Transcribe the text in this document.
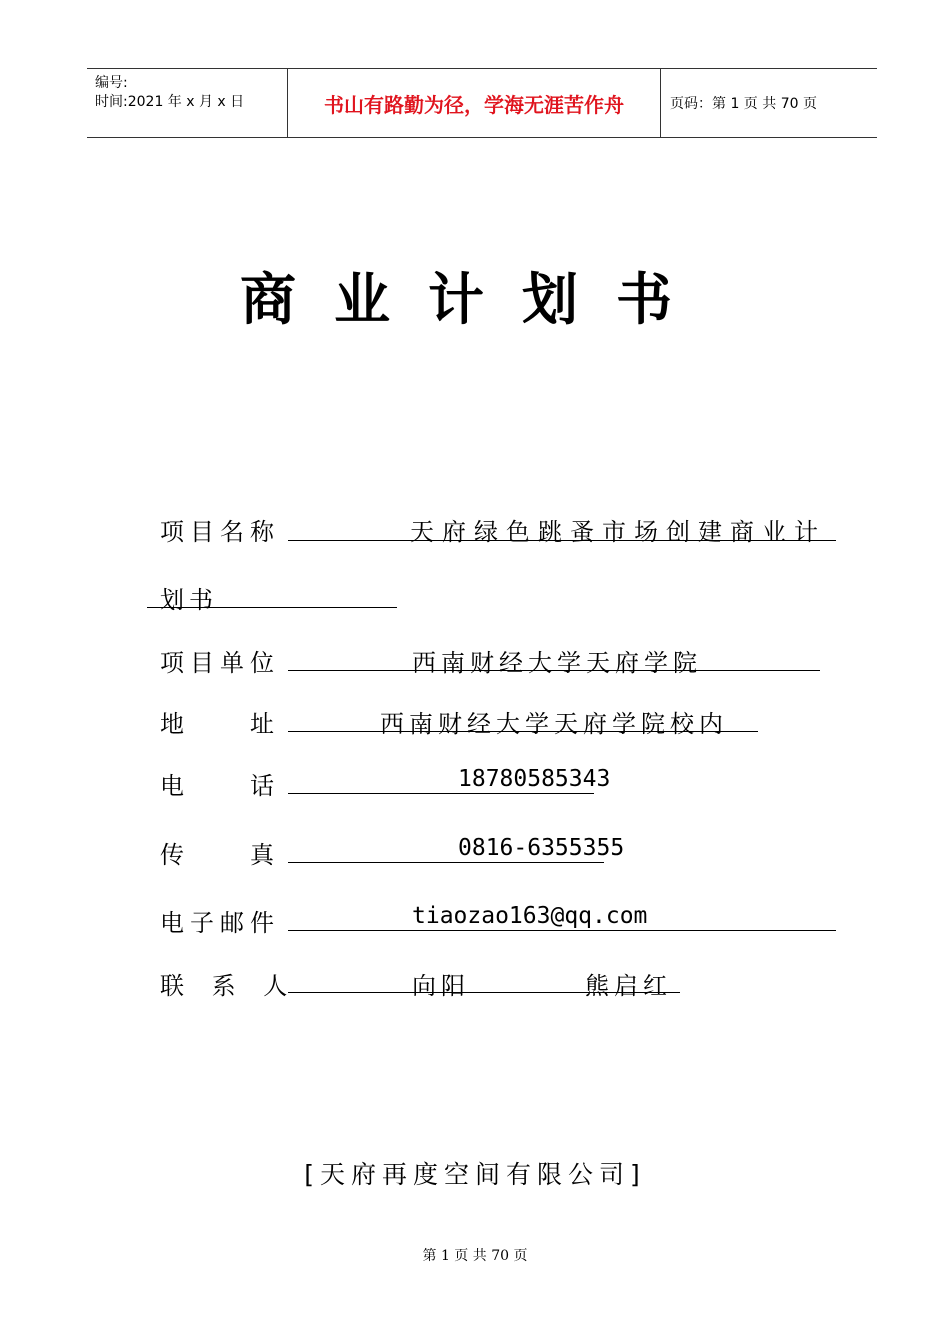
编号:
时间:2021 年 x 月 x 日	书山有路勤为径，学海无涯苦作舟	页码：第 1 页 共 70 页
商业计划书
项目名称	天府绿色跳蚤市场创建商业计
划书
项目单位	西南财经大学天府学院
地　　址	西南财经大学天府学院校内
电　　话	18780585343
传　　真	0816-6355355
电子邮件	tiaozao163@qq.com
联 系 人	向阳	熊启红
[天府再度空间有限公司]
第 1 页 共 70 页
